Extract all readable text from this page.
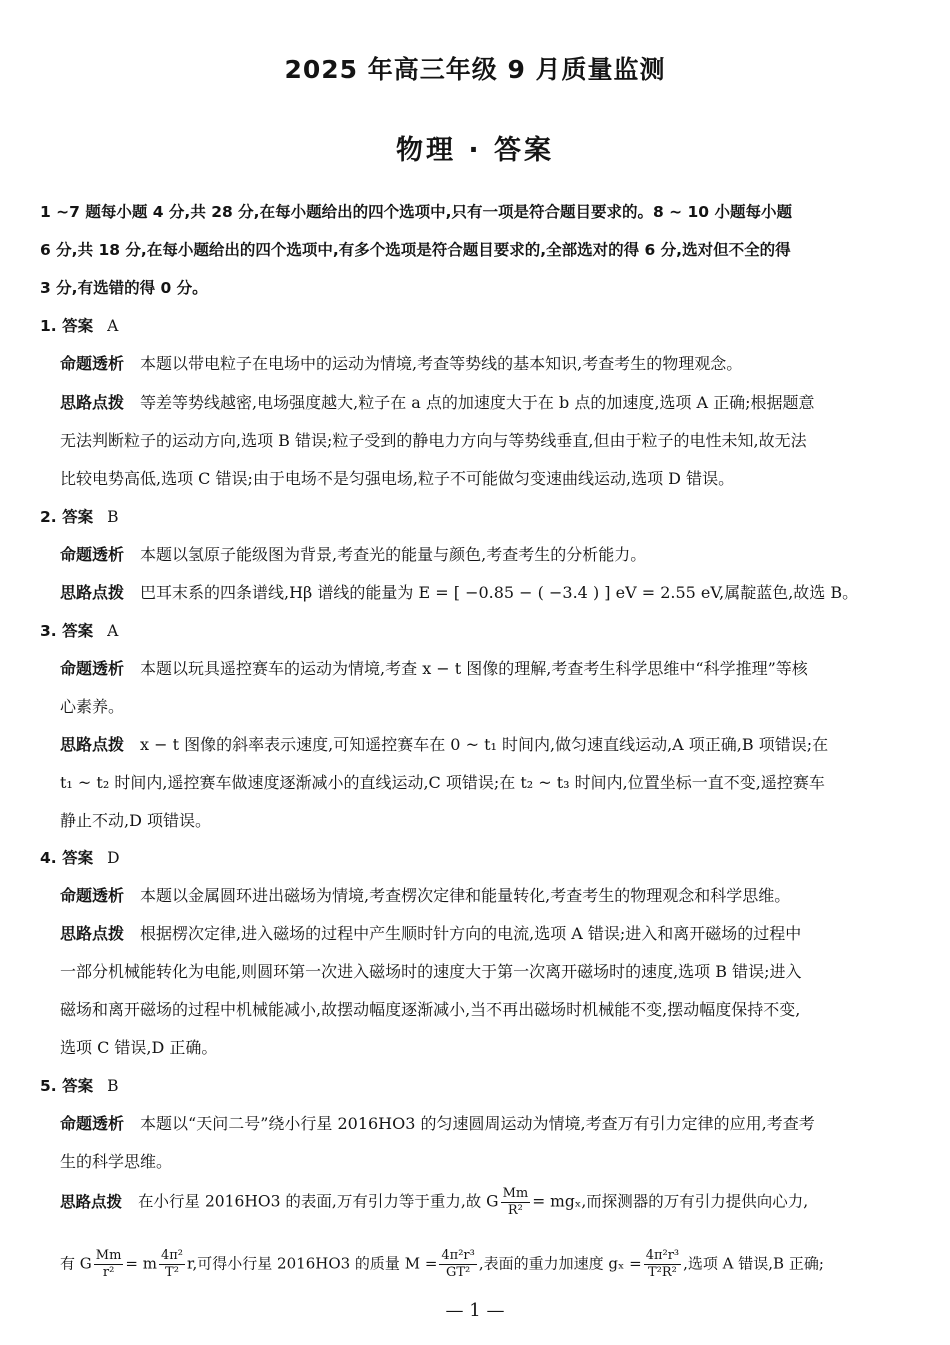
2025 年高三年级 9 月质量监测
物理 · 答案
1 ~7 题每小题 4 分,共 28 分,在每小题给出的四个选项中,只有一项是符合题目要求的。8 ~ 10 小题每小题
6 分,共 18 分,在每小题给出的四个选项中,有多个选项是符合题目要求的,全部选对的得 6 分,选对但不全的得
3 分,有选错的得 0 分。
1. 答案 A
命题透析 本题以带电粒子在电场中的运动为情境,考查等势线的基本知识,考查考生的物理观念。
思路点拨 等差等势线越密,电场强度越大,粒子在 a 点的加速度大于在 b 点的加速度,选项 A 正确;根据题意
无法判断粒子的运动方向,选项 B 错误;粒子受到的静电力方向与等势线垂直,但由于粒子的电性未知,故无法
比较电势高低,选项 C 错误;由于电场不是匀强电场,粒子不可能做匀变速曲线运动,选项 D 错误。
2. 答案 B
命题透析 本题以氢原子能级图为背景,考查光的能量与颜色,考查考生的分析能力。
思路点拨 巴耳末系的四条谱线,Hβ 谱线的能量为 E = [ −0.85 − ( −3.4 ) ] eV = 2.55 eV,属靛蓝色,故选 B。
3. 答案 A
命题透析 本题以玩具遥控赛车的运动为情境,考查 x − t 图像的理解,考查考生科学思维中“科学推理”等核
心素养。
思路点拨 x − t 图像的斜率表示速度,可知遥控赛车在 0 ~ t₁ 时间内,做匀速直线运动,A 项正确,B 项错误;在
t₁ ~ t₂ 时间内,遥控赛车做速度逐渐减小的直线运动,C 项错误;在 t₂ ~ t₃ 时间内,位置坐标一直不变,遥控赛车
静止不动,D 项错误。
4. 答案 D
命题透析 本题以金属圆环进出磁场为情境,考查楞次定律和能量转化,考查考生的物理观念和科学思维。
思路点拨 根据楞次定律,进入磁场的过程中产生顺时针方向的电流,选项 A 错误;进入和离开磁场的过程中
一部分机械能转化为电能,则圆环第一次进入磁场时的速度大于第一次离开磁场时的速度,选项 B 错误;进入
磁场和离开磁场的过程中机械能减小,故摆动幅度逐渐减小,当不再出磁场时机械能不变,摆动幅度保持不变,
选项 C 错误,D 正确。
5. 答案 B
命题透析 本题以“天问二号”绕小行星 2016HO3 的匀速圆周运动为情境,考查万有引力定律的应用,考查考
生的科学思维。
思路点拨 在小行星 2016HO3 的表面,万有引力等于重力,故 G $\frac{Mm}{\text{R²}} = mg_x$,而探测器的万有引力提供向心力,
有 G $\frac{Mm}{\text{r²}} = m \frac{\text{4π²}}{\text{T²}} r$,可得小行星 2016HO3 的质量 $M = \frac{\text{4π²r³}}{\text{GT²}}$ ,表面的重力加速度 $g_x = \frac{\text{4π²r³}}{\text{T²R²}}$ ,选项 A 错误,B 正确;
— 1 —
